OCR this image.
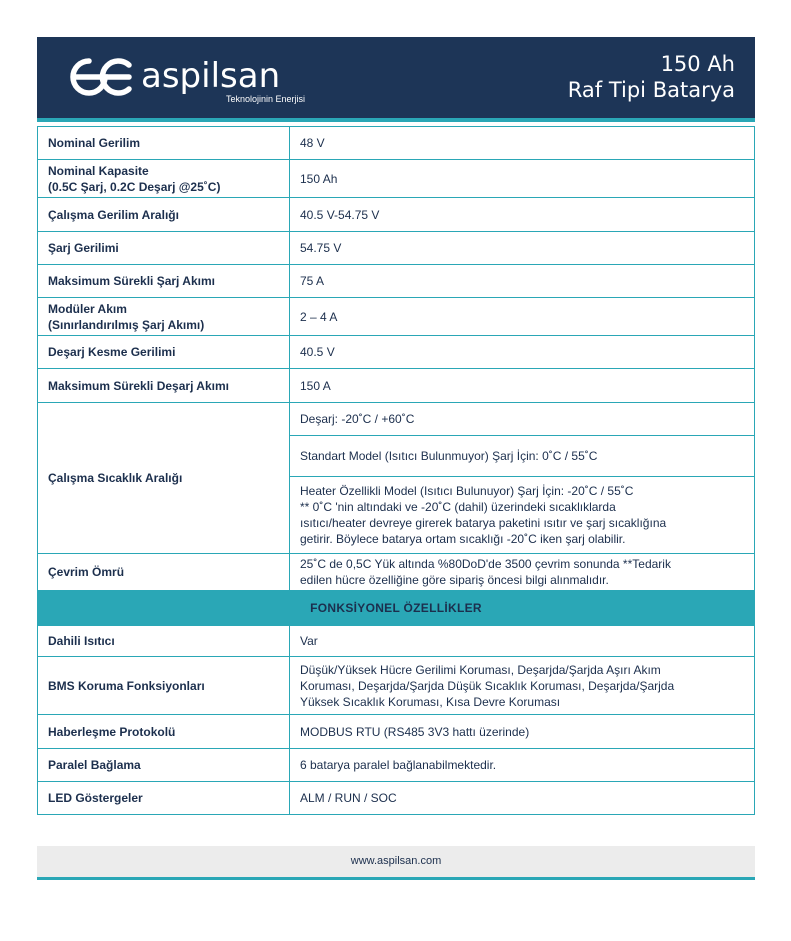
aspilsan
Teknolojinin Enerjisi
150 Ah
Raf Tipi Batarya
Nominal Gerilim	48 V

Nominal Kapasite
(0.5C Şarj, 0.2C Deşarj @25˚C)	150 Ah
Çalışma Gerilim Aralığı	40.5 V-54.75 V
Şarj Gerilimi	54.75 V
Maksimum Sürekli Şarj Akımı	75 A

Modüler Akım
(Sınırlandırılmış Şarj Akımı)	2 – 4 A
Deşarj Kesme Gerilimi	40.5 V
Maksimum Sürekli Deşarj Akımı	150 A
Çalışma Sıcaklık Aralığı	Deşarj: -20˚C / +60˚C
	Standart Model (Isıtıcı Bulunmuyor) Şarj İçin: 0˚C / 55˚C

	Heater Özellikli Model (Isıtıcı Bulunuyor) Şarj İçin: -20˚C / 55˚C
** 0˚C 'nin altındaki ve -20˚C (dahil) üzerindeki sıcaklıklarda
ısıtıcı/heater devreye girerek batarya paketini ısıtır ve şarj sıcaklığına
getirir. Böylece batarya ortam sıcaklığı -20˚C iken şarj olabilir.

Çevrim Ömrü	25˚C de 0,5C Yük altında %80DoD'de 3500 çevrim sonunda **Tedarik
edilen hücre özelliğine göre sipariş öncesi bilgi alınmalıdır.

FONKSİYONEL ÖZELLİKLER	
Dahili Isıtıcı	Var
BMS Koruma Fonksiyonları	Düşük/Yüksek Hücre Gerilimi Koruması, Deşarjda/Şarjda Aşırı Akım
Koruması, Deşarjda/Şarjda Düşük Sıcaklık Koruması, Deşarjda/Şarjda
Yüksek Sıcaklık Koruması, Kısa Devre Koruması

Haberleşme Protokolü	MODBUS RTU (RS485 3V3 hattı üzerinde)
Paralel Bağlama	6 batarya paralel bağlanabilmektedir.
LED Göstergeler	ALM / RUN / SOC
www.aspilsan.com
